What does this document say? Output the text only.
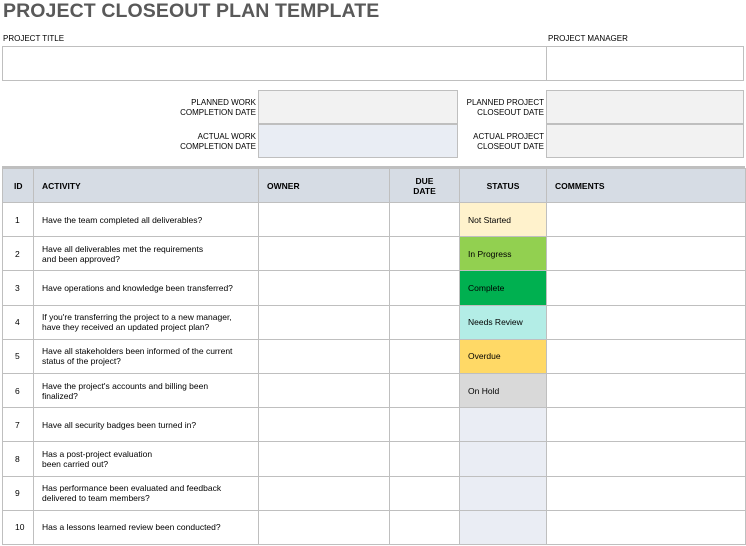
PROJECT CLOSEOUT PLAN TEMPLATE
PROJECT TITLE	PROJECT MANAGER
PLANNED WORK
COMPLETION DATE
ACTUAL WORK
COMPLETION DATE
PLANNED PROJECT
CLOSEOUT DATE
ACTUAL PROJECT
CLOSEOUT DATE
ID	ACTIVITY	OWNER	DUE
DATE	STATUS	COMMENTS
1	Have the team completed all deliverables?			Not Started	
2	Have all deliverables met the requirements
and been approved?			In Progress	
3	Have operations and knowledge been transferred?			Complete	
4	If you're transferring the project to a new manager,
have they received an updated project plan?			Needs Review	
5	Have all stakeholders been informed of the current
status of the project?			Overdue	
6	Have the project's accounts and billing been
finalized?			On Hold	
7	Have all security badges been turned in?				

8	Has a post-project evaluation
been carried out?				

9	Has performance been evaluated and feedback
delivered to team members?				

10	Has a lessons learned review been conducted?				
